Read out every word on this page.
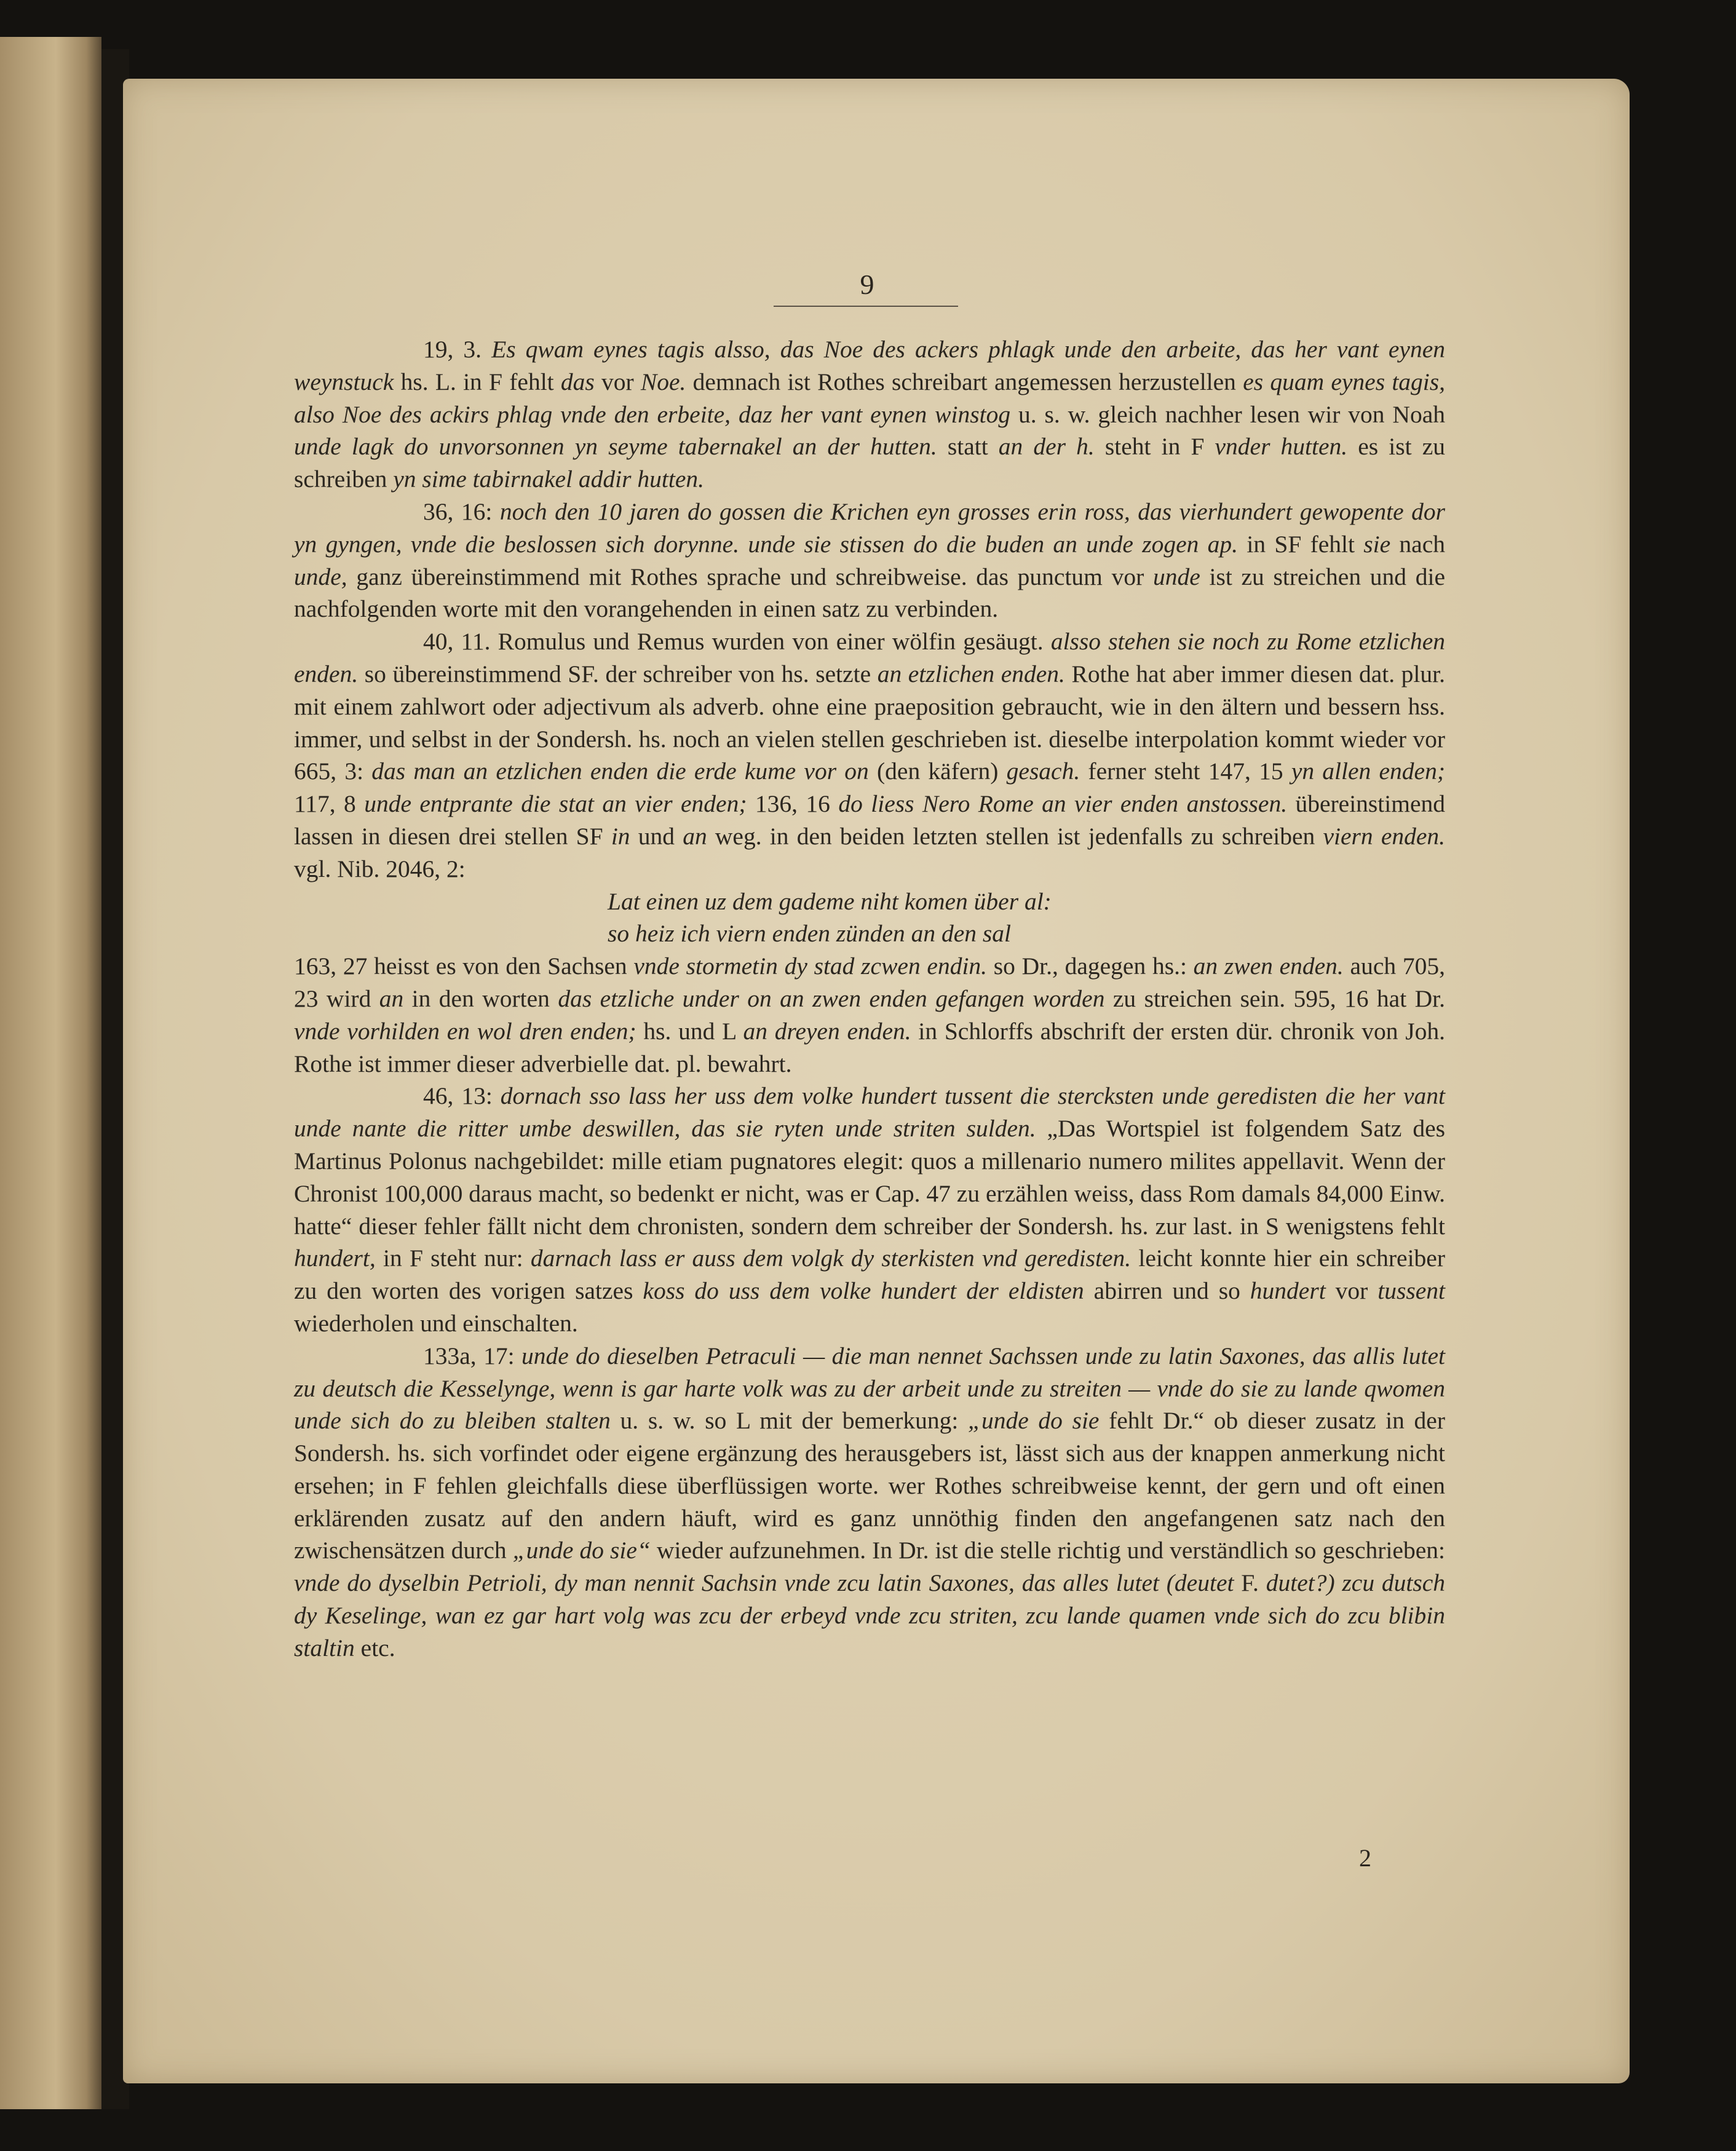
9

19, 3. Es qwam eynes tagis alsso, das Noe des ackers phlagk unde den arbeite, das her vant eynen weynstuck hs. L. in F fehlt das vor Noe. demnach ist Rothes schreibart angemessen herzustellen es quam eynes tagis, also Noe des ackirs phlag vnde den erbeite, daz her vant eynen winstog u. s. w. gleich nachher lesen wir von Noah unde lagk do unvorsonnen yn seyme tabernakel an der hutten. statt an der h. steht in F vnder hutten. es ist zu schreiben yn sime tabirnakel addir hutten.

36, 16: noch den 10 jaren do gossen die Krichen eyn grosses erin ross, das vierhundert gewopente dor yn gyngen, vnde die beslossen sich dorynne. unde sie stissen do die buden an unde zogen ap. in SF fehlt sie nach unde, ganz übereinstimmend mit Rothes sprache und schreibweise. das punctum vor unde ist zu streichen und die nachfolgenden worte mit den vorangehenden in einen satz zu verbinden.

40, 11. Romulus und Remus wurden von einer wölfin gesäugt. alsso stehen sie noch zu Rome etzlichen enden. so übereinstimmend SF. der schreiber von hs. setzte an etzlichen enden. Rothe hat aber immer diesen dat. plur. mit einem zahlwort oder adjectivum als adverb. ohne eine praeposition gebraucht, wie in den ältern und bessern hss. immer, und selbst in der Sondersh. hs. noch an vielen stellen geschrieben ist. dieselbe interpolation kommt wieder vor 665, 3: das man an etzlichen enden die erde kume vor on (den käfern) gesach. ferner steht 147, 15 yn allen enden; 117, 8 unde entprante die stat an vier enden; 136, 16 do liess Nero Rome an vier enden anstossen. übereinstimend lassen in diesen drei stellen SF in und an weg. in den beiden letzten stellen ist jedenfalls zu schreiben viern enden. vgl. Nib. 2046, 2:

Lat einen uz dem gademe niht komen über al:

so heiz ich viern enden zünden an den sal

163, 27 heisst es von den Sachsen vnde stormetin dy stad zcwen endin. so Dr., dagegen hs.: an zwen enden. auch 705, 23 wird an in den worten das etzliche under on an zwen enden gefangen worden zu streichen sein. 595, 16 hat Dr. vnde vorhilden en wol dren enden; hs. und L an dreyen enden. in Schlorffs abschrift der ersten dür. chronik von Joh. Rothe ist immer dieser adverbielle dat. pl. bewahrt.

46, 13: dornach sso lass her uss dem volke hundert tussent die stercksten unde geredisten die her vant unde nante die ritter umbe deswillen, das sie ryten unde striten sulden. „Das Wortspiel ist folgendem Satz des Martinus Polonus nachgebildet: mille etiam pugnatores elegit: quos a millenario numero milites appellavit. Wenn der Chronist 100,000 daraus macht, so bedenkt er nicht, was er Cap. 47 zu erzählen weiss, dass Rom damals 84,000 Einw. hatte“ dieser fehler fällt nicht dem chronisten, sondern dem schreiber der Sondersh. hs. zur last. in S wenigstens fehlt hundert, in F steht nur: darnach lass er auss dem volgk dy sterkisten vnd geredisten. leicht konnte hier ein schreiber zu den worten des vorigen satzes koss do uss dem volke hundert der eldisten abirren und so hundert vor tussent wiederholen und einschalten.

133a, 17: unde do dieselben Petraculi — die man nennet Sachssen unde zu latin Saxones, das allis lutet zu deutsch die Kesselynge, wenn is gar harte volk was zu der arbeit unde zu streiten — vnde do sie zu lande qwomen unde sich do zu bleiben stalten u. s. w. so L mit der bemerkung: „unde do sie fehlt Dr.“ ob dieser zusatz in der Sondersh. hs. sich vorfindet oder eigene ergänzung des herausgebers ist, lässt sich aus der knappen anmerkung nicht ersehen; in F fehlen gleichfalls diese überflüssigen worte. wer Rothes schreibweise kennt, der gern und oft einen erklärenden zusatz auf den andern häuft, wird es ganz unnöthig finden den angefangenen satz nach den zwischensätzen durch „unde do sie“ wieder aufzunehmen. In Dr. ist die stelle richtig und verständlich so geschrieben: vnde do dyselbin Petrioli, dy man nennit Sachsin vnde zcu latin Saxones, das alles lutet (deutet F. dutet?) zcu dutsch dy Keselinge, wan ez gar hart volg was zcu der erbeyd vnde zcu striten, zcu lande quamen vnde sich do zcu blibin staltin etc.

2
